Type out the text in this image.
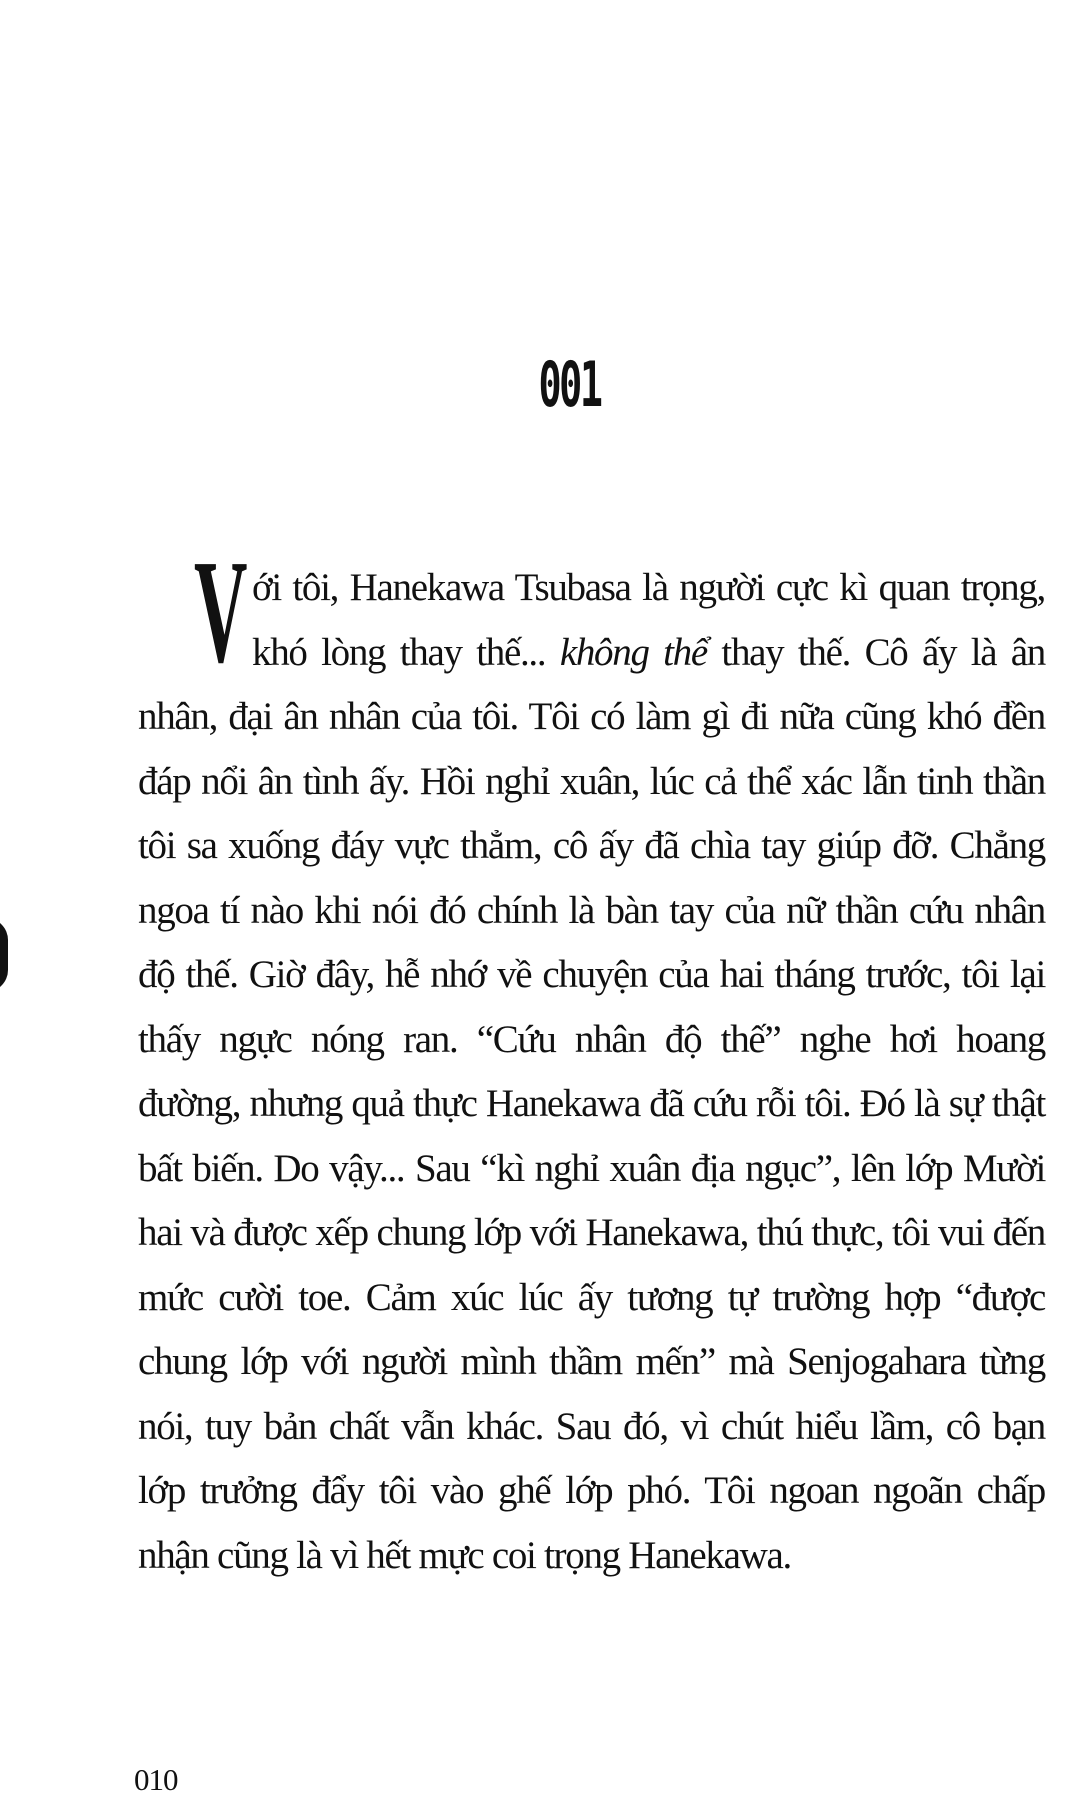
001

Với tôi, Hanekawa Tsubasa là người cực kì quan trọng, khó lòng thay thế... không thể thay thế. Cô ấy là ân nhân, đại ân nhân của tôi. Tôi có làm gì đi nữa cũng khó đền đáp nổi ân tình ấy. Hồi nghỉ xuân, lúc cả thể xác lẫn tinh thần tôi sa xuống đáy vực thẳm, cô ấy đã chìa tay giúp đỡ. Chẳng ngoa tí nào khi nói đó chính là bàn tay của nữ thần cứu nhân độ thế. Giờ đây, hễ nhớ về chuyện của hai tháng trước, tôi lại thấy ngực nóng ran. “Cứu nhân độ thế” nghe hơi hoang đường, nhưng quả thực Hanekawa đã cứu rỗi tôi. Đó là sự thật bất biến. Do vậy... Sau “kì nghỉ xuân địa ngục”, lên lớp Mười hai và được xếp chung lớp với Hanekawa, thú thực, tôi vui đến mức cười toe. Cảm xúc lúc ấy tương tự trường hợp “được chung lớp với người mình thầm mến” mà Senjogahara từng nói, tuy bản chất vẫn khác. Sau đó, vì chút hiểu lầm, cô bạn lớp trưởng đẩy tôi vào ghế lớp phó. Tôi ngoan ngoãn chấp nhận cũng là vì hết mực coi trọng Hanekawa.

010
